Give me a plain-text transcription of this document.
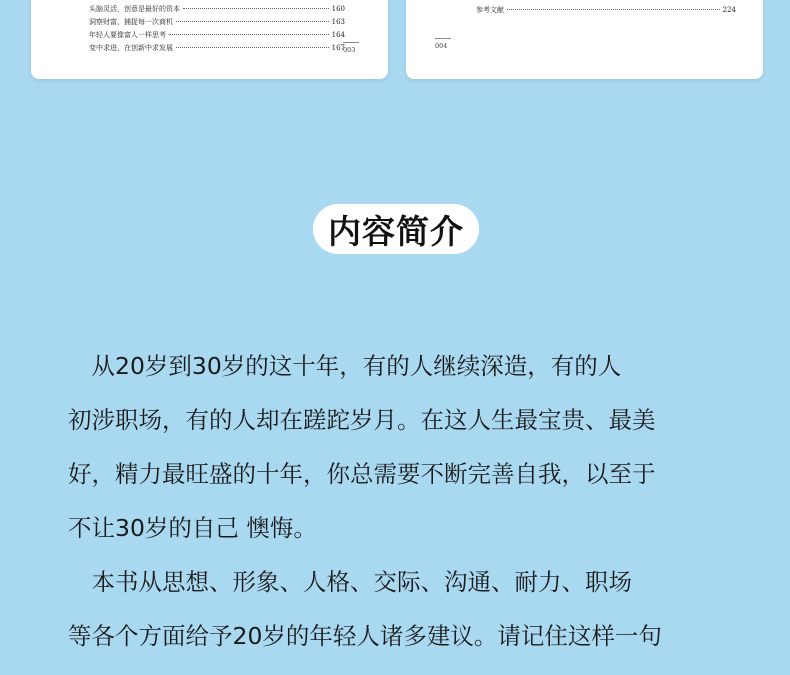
头脑灵活，创意是最好的资本	160
洞察财富，捕捉每一次商机	163
年轻人要像富人一样思考	164
变中求进，在创新中求发展	167
003
参考文献	224
004
内容简介
　从20岁到30岁的这十年，有的人继续深造，有的人
初涉职场，有的人却在蹉跎岁月。在这人生最宝贵、最美
好，精力最旺盛的十年，你总需要不断完善自我，以至于
不让30岁的自己 懊悔。
　本书从思想、形象、人格、交际、沟通、耐力、职场
等各个方面给予20岁的年轻人诸多建议。请记住这样一句
